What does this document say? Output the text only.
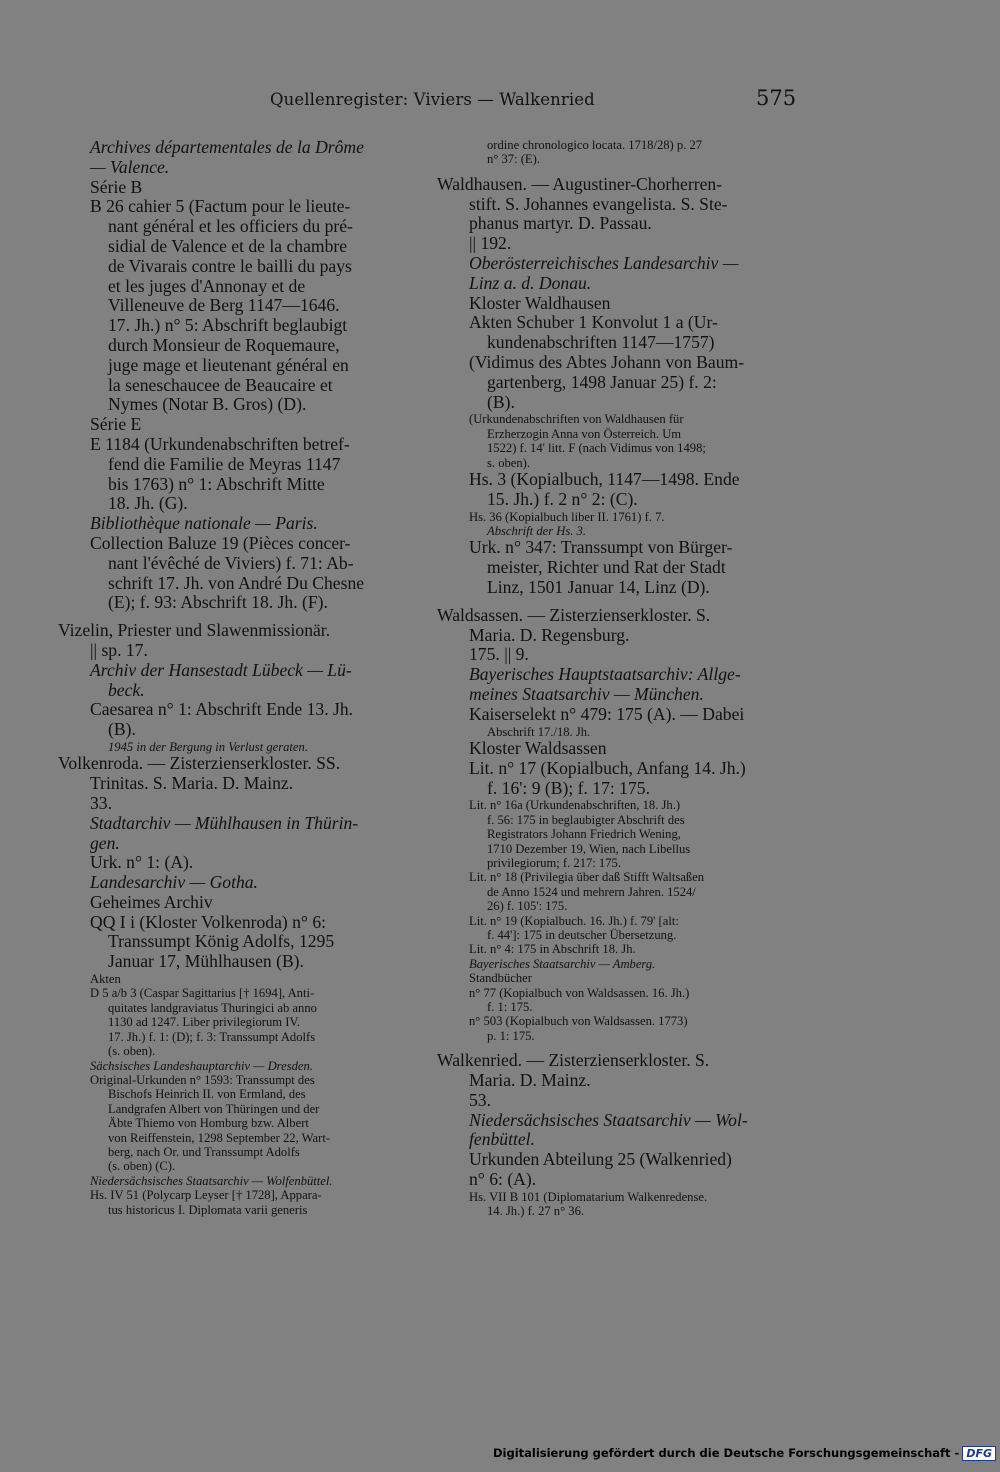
Quellenregister: Viviers — Walkenried	575
Archives départementales de la Drôme
— Valence.
Série B
B 26 cahier 5 (Factum pour le lieute-
nant général et les officiers du pré-
sidial de Valence et de la chambre
de Vivarais contre le bailli du pays
et les juges d'Annonay et de
Villeneuve de Berg 1147—1646.
17. Jh.) n° 5: Abschrift beglaubigt
durch Monsieur de Roquemaure,
juge mage et lieutenant général en
la seneschaucee de Beaucaire et
Nymes (Notar B. Gros) (D).
Série E
E 1184 (Urkundenabschriften betref-
fend die Familie de Meyras 1147
bis 1763) n° 1: Abschrift Mitte
18. Jh. (G).
Bibliothèque nationale — Paris.
Collection Baluze 19 (Pièces concer-
nant l'évêché de Viviers) f. 71: Ab-
schrift 17. Jh. von André Du Chesne
(E); f. 93: Abschrift 18. Jh. (F).
Vizelin, Priester und Slawenmissionär.
|| sp. 17.
Archiv der Hansestadt Lübeck — Lü-
beck.
Caesarea n° 1: Abschrift Ende 13. Jh.
(B).
1945 in der Bergung in Verlust geraten.
Volkenroda. — Zisterzienserkloster. SS.
Trinitas. S. Maria. D. Mainz.
33.
Stadtarchiv — Mühlhausen in Thürin-
gen.
Urk. n° 1: (A).
Landesarchiv — Gotha.
Geheimes Archiv
QQ I i (Kloster Volkenroda) n° 6:
Transsumpt König Adolfs, 1295
Januar 17, Mühlhausen (B).
Akten
D 5 a/b 3 (Caspar Sagittarius [† 1694], Anti-
quitates landgraviatus Thuringici ab anno
1130 ad 1247. Liber privilegiorum IV.
17. Jh.) f. 1: (D); f. 3: Transsumpt Adolfs
(s. oben).
Sächsisches Landeshauptarchiv — Dresden.
Original-Urkunden n° 1593: Transsumpt des
Bischofs Heinrich II. von Ermland, des
Landgrafen Albert von Thüringen und der
Äbte Thiemo von Homburg bzw. Albert
von Reiffenstein, 1298 September 22, Wart-
berg, nach Or. und Transsumpt Adolfs
(s. oben) (C).
Niedersächsisches Staatsarchiv — Wolfenbüttel.
Hs. IV 51 (Polycarp Leyser [† 1728], Appara-
tus historicus I. Diplomata varii generis
ordine chronologico locata. 1718/28) p. 27
n° 37: (E).
Waldhausen. — Augustiner-Chorherren-
stift. S. Johannes evangelista. S. Ste-
phanus martyr. D. Passau.
|| 192.
Oberösterreichisches Landesarchiv —
Linz a. d. Donau.
Kloster Waldhausen
Akten Schuber 1 Konvolut 1 a (Ur-
kundenabschriften 1147—1757)
(Vidimus des Abtes Johann von Baum-
gartenberg, 1498 Januar 25) f. 2:
(B).
(Urkundenabschriften von Waldhausen für
Erzherzogin Anna von Österreich. Um
1522) f. 14' litt. F (nach Vidimus von 1498;
s. oben).
Hs. 3 (Kopialbuch, 1147—1498. Ende
15. Jh.) f. 2 n° 2: (C).
Hs. 36 (Kopialbuch liber II. 1761) f. 7.
Abschrift der Hs. 3.
Urk. n° 347: Transsumpt von Bürger-
meister, Richter und Rat der Stadt
Linz, 1501 Januar 14, Linz (D).
Waldsassen. — Zisterzienserkloster. S.
Maria. D. Regensburg.
175. || 9.
Bayerisches Hauptstaatsarchiv: Allge-
meines Staatsarchiv — München.
Kaiserselekt n° 479: 175 (A). — Dabei
Abschrift 17./18. Jh.
Kloster Waldsassen
Lit. n° 17 (Kopialbuch, Anfang 14. Jh.)
f. 16': 9 (B); f. 17: 175.
Lit. n° 16a (Urkundenabschriften, 18. Jh.)
f. 56: 175 in beglaubigter Abschrift des
Registrators Johann Friedrich Wening,
1710 Dezember 19, Wien, nach Libellus
privilegiorum; f. 217: 175.
Lit. n° 18 (Privilegia über daß Stifft Waltsaßen
de Anno 1524 und mehrern Jahren. 1524/
26) f. 105': 175.
Lit. n° 19 (Kopialbuch. 16. Jh.) f. 79' [alt:
f. 44']: 175 in deutscher Übersetzung.
Lit. n° 4: 175 in Abschrift 18. Jh.
Bayerisches Staatsarchiv — Amberg.
Standbücher
n° 77 (Kopialbuch von Waldsassen. 16. Jh.)
f. 1: 175.
n° 503 (Kopialbuch von Waldsassen. 1773)
p. 1: 175.
Walkenried. — Zisterzienserkloster. S.
Maria. D. Mainz.
53.
Niedersächsisches Staatsarchiv — Wol-
fenbüttel.
Urkunden Abteilung 25 (Walkenried)
n° 6: (A).
Hs. VII B 101 (Diplomatarium Walkenredense.
14. Jh.) f. 27 n° 36.
Digitalisierung gefördert durch die Deutsche Forschungsgemeinschaft - DFG
